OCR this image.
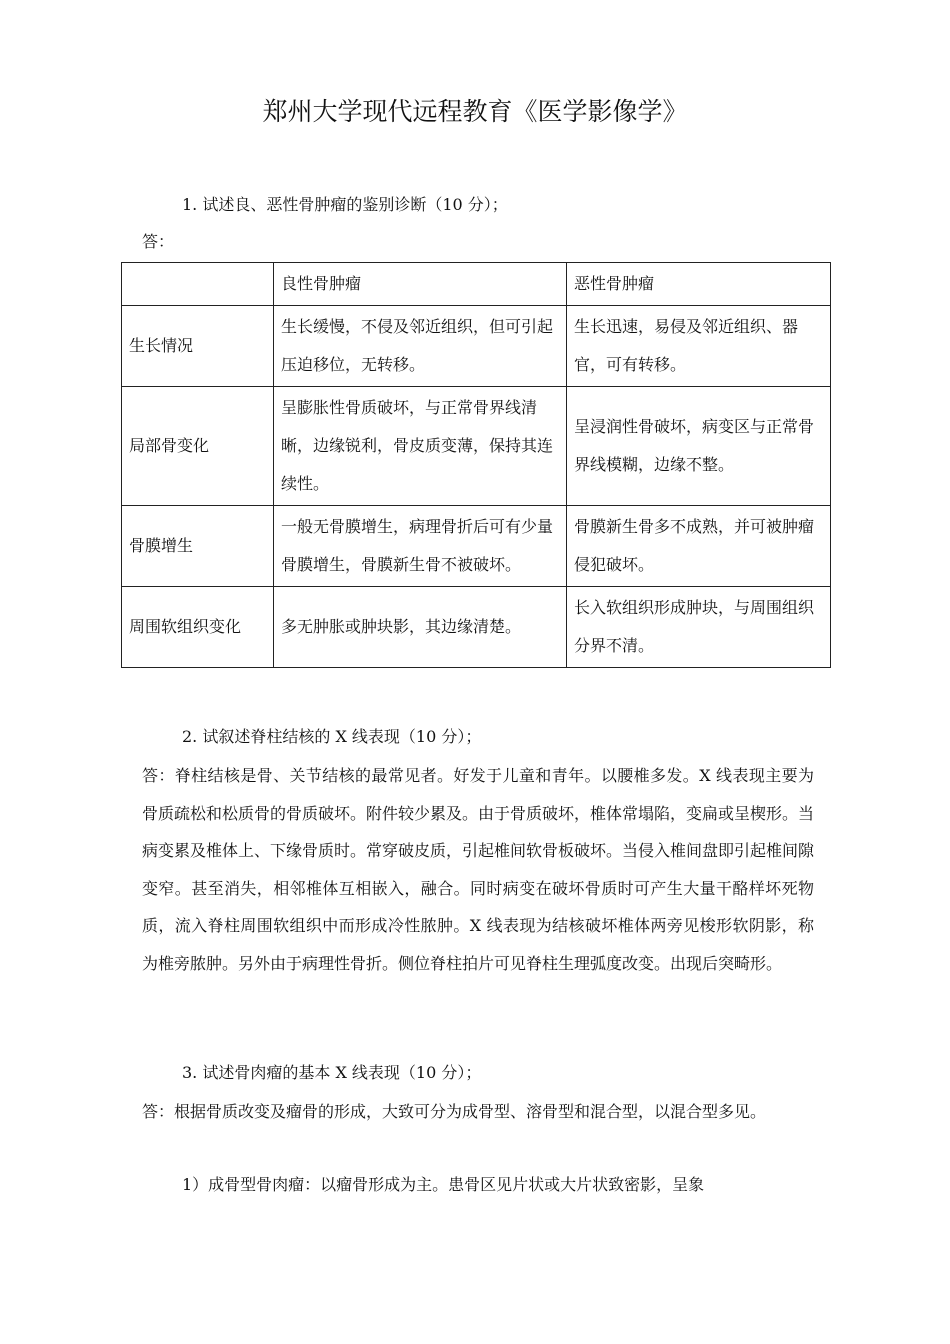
郑州大学现代远程教育《医学影像学》
1. 试述良、恶性骨肿瘤的鉴别诊断（10 分）；
答：
	良性骨肿瘤	恶性骨肿瘤
生长情况	生长缓慢，不侵及邻近组织，但可引起压迫移位，无转移。	生长迅速，易侵及邻近组织、器官，可有转移。
局部骨变化	呈膨胀性骨质破坏，与正常骨界线清晰，边缘锐利，骨皮质变薄，保持其连续性。	呈浸润性骨破坏，病变区与正常骨界线模糊，边缘不整。
骨膜增生	一般无骨膜增生，病理骨折后可有少量骨膜增生，骨膜新生骨不被破坏。	骨膜新生骨多不成熟，并可被肿瘤侵犯破坏。
周围软组织变化	多无肿胀或肿块影，其边缘清楚。	长入软组织形成肿块，与周围组织分界不清。
2. 试叙述脊柱结核的 X 线表现（10 分）；
答：脊柱结核是骨、关节结核的最常见者。好发于儿童和青年。以腰椎多发。X 线表现主要为骨质疏松和松质骨的骨质破坏。附件较少累及。由于骨质破坏，椎体常塌陷，变扁或呈楔形。当病变累及椎体上、下缘骨质时。常穿破皮质，引起椎间软骨板破坏。当侵入椎间盘即引起椎间隙变窄。甚至消失，相邻椎体互相嵌入，融合。同时病变在破坏骨质时可产生大量干酪样坏死物质，流入脊柱周围软组织中而形成冷性脓肿。X 线表现为结核破坏椎体两旁见梭形软阴影，称为椎旁脓肿。另外由于病理性骨折。侧位脊柱拍片可见脊柱生理弧度改变。出现后突畸形。
3. 试述骨肉瘤的基本 X 线表现（10 分）；
答：根据骨质改变及瘤骨的形成，大致可分为成骨型、溶骨型和混合型，以混合型多见。
1）成骨型骨肉瘤：以瘤骨形成为主。患骨区见片状或大片状致密影，呈象
